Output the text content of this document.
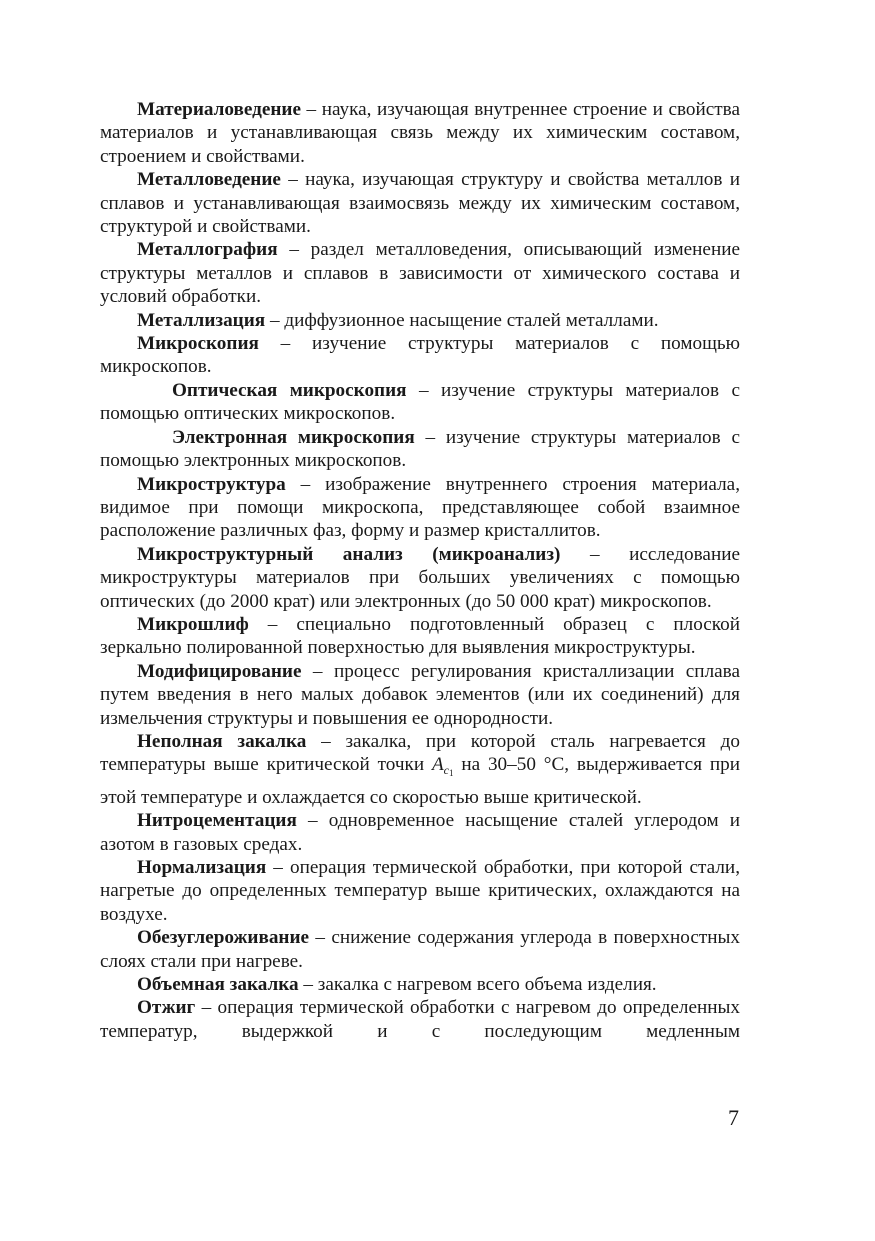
Материаловедение – наука, изучающая внутреннее строение и свойства материалов и устанавливающая связь между их химическим составом, строением и свойствами.

Металловедение – наука, изучающая структуру и свойства металлов и сплавов и устанавливающая взаимосвязь между их химическим составом, структурой и свойствами.

Металлография – раздел металловедения, описывающий изменение структуры металлов и сплавов в зависимости от химического состава и условий обработки.

Металлизация – диффузионное насыщение сталей металлами.

Микроскопия – изучение структуры материалов с помощью микроскопов.

Оптическая микроскопия – изучение структуры материалов с помощью оптических микроскопов.

Электронная микроскопия – изучение структуры материалов с помощью электронных микроскопов.

Микроструктура – изображение внутреннего строения материала, видимое при помощи микроскопа, представляющее собой взаимное расположение различных фаз, форму и размер кристаллитов.

Микроструктурный анализ (микроанализ) – исследование микроструктуры материалов при больших увеличениях с помощью оптических (до 2000 крат) или электронных (до 50 000 крат) микроскопов.

Микрошлиф – специально подготовленный образец с плоской зеркально полированной поверхностью для выявления микроструктуры.

Модифицирование – процесс регулирования кристаллизации сплава путем введения в него малых добавок элементов (или их соединений) для измельчения структуры и повышения ее однородности.

Неполная закалка – закалка, при которой сталь нагревается до температуры выше критической точки $A_{c_1}$ на 30–50 °С, выдерживается при этой температуре и охлаждается со скоростью выше критической.

Нитроцементация – одновременное насыщение сталей углеродом и азотом в газовых средах.

Нормализация – операция термической обработки, при которой стали, нагретые до определенных температур выше критических, охлаждаются на воздухе.

Обезуглероживание – снижение содержания углерода в поверхностных слоях стали при нагреве.

Объемная закалка – закалка с нагревом всего объема изделия.

Отжиг – операция термической обработки с нагревом до определенных температур, выдержкой и с последующим медленным

7
